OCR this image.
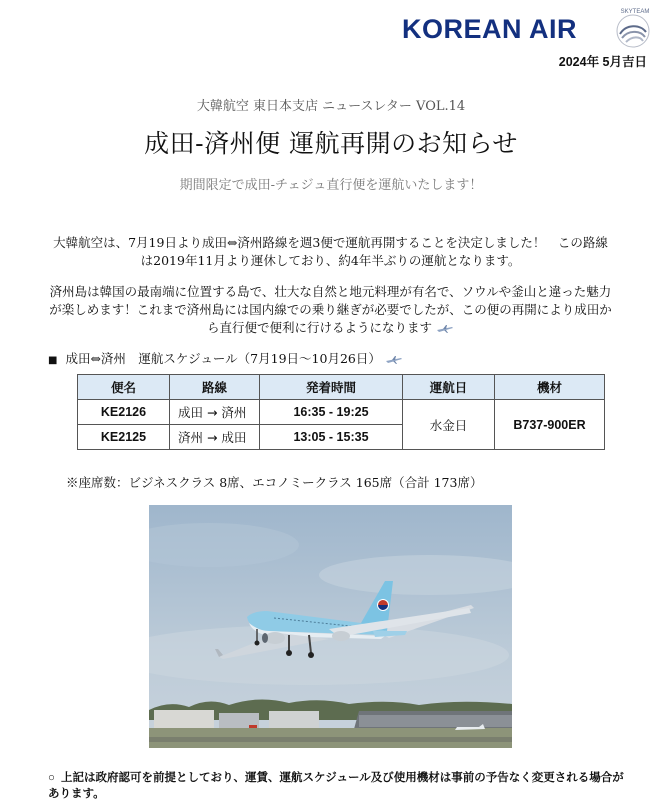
KOREAN AIR
SKYTEAM
2024年 5月吉日
大韓航空 東日本支店 ニュースレター VOL.14
成田-済州便 運航再開のお知らせ
期間限定で成田-チェジュ直行便を運航いたします！
大韓航空は、7月19日より成田⇔済州路線を週3便で運航再開することを決定しました！　この路線は2019年11月より運休しており、約4年半ぶりの運航となります。
済州島は韓国の最南端に位置する島で、壮大な自然と地元料理が有名で、ソウルや釜山と違った魅力が楽しめます！これまで済州島には国内線での乗り継ぎが必要でしたが、この便の再開により成田から直行便で便利に行けるようになります
■ 成田⇔済州　運航スケジュール（7月19日～10月26日）
便名	路線	発着時間	運航日	機材
KE2126	成田 → 済州	16:35 - 19:25	水金日	B737-900ER
KE2125	済州 → 成田	13:05 - 15:35		
※座席数：ビジネスクラス 8席、エコノミークラス 165席（合計 173席）
○ 上記は政府認可を前提としており、運賃、運航スケジュール及び使用機材は事前の予告なく変更される場合があります。
